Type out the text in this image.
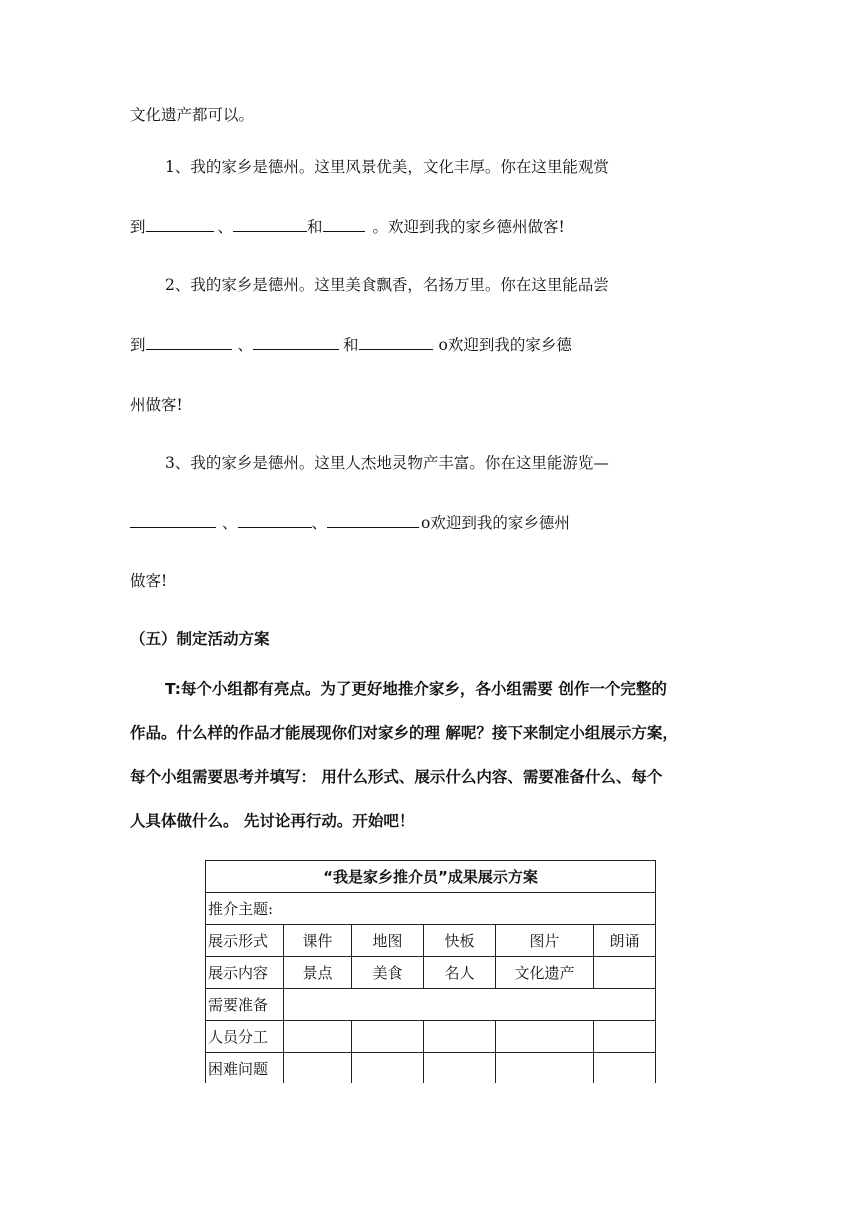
文化遗产都可以。
1、我的家乡是德州。这里风景优美，文化丰厚。你在这里能观赏
到	、	和	。欢迎到我的家乡德州做客!
2、我的家乡是德州。这里美食飘香，名扬万里。你在这里能品尝
到	、	和	o欢迎到我的家乡德
州做客!
3、我的家乡是德州。这里人杰地灵物产丰富。你在这里能游览—
、	、	o欢迎到我的家乡德州
做客!
（五）制定活动方案
T:每个小组都有亮点。为了更好地推介家乡，各小组需要 创作一个完整的
作品。什么样的作品才能展现你们对家乡的理 解呢？接下来制定小组展示方案，
每个小组需要思考并填写： 用什么形式、展示什么内容、需要准备什么、每个
人具体做什么。 先讨论再行动。开始吧！
“我是家乡推介员”成果展示方案					
推介主题:					
展示形式	课件	地图	快板	图片	朗诵
展示内容	景点	美食	名人	文化遗产	
需要准备					
人员分工					
困难问题					
